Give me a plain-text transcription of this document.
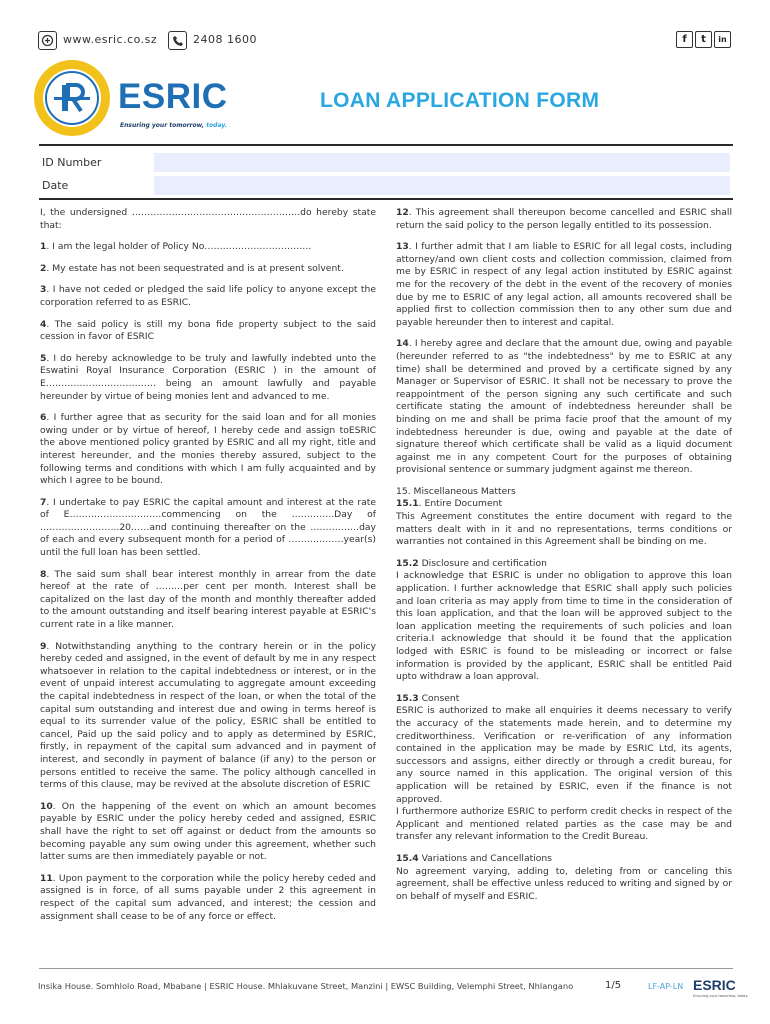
www.esric.co.sz	2408 1600	f	t	in
ESRIC
Ensuring your tomorrow, today.
LOAN APPLICATION FORM
ID Number
Date

I, the undersigned ……………………………………………….do hereby state that:

1. I am the legal holder of Policy No……………………………..

2. My estate has not been sequestrated and is at present solvent.

3. I have not ceded or pledged the said life policy to anyone except the corporation referred to as ESRIC.

4. The said policy is still my bona fide property subject to the said cession in favor of ESRIC

5. I do hereby acknowledge to be truly and lawfully indebted unto the Eswatini Royal Insurance Corporation (ESRIC ) in the amount of E……………………………… being an amount lawfully and payable hereunder by virtue of being monies lent and advanced to me.

6. I further agree that as security for the said loan and for all monies owing under or by virtue of hereof, I hereby cede and assign toESRIC the above mentioned policy granted by ESRIC and all my right, title and interest hereunder, and the monies thereby assured, subject to the following terms and conditions with which I am fully acquainted and by which I agree to be bound.

7. I undertake to pay ESRIC the capital amount and interest at the rate of E…………………………commencing on the …………..Day of ……………………..20……and continuing thereafter on the …………….day of each and every subsequent month for a period of ………………year(s) until the full loan has been settled.

8. The said sum shall bear interest monthly in arrear from the date hereof at the rate of ………per cent per month. Interest shall be capitalized on the last day of the month and monthly thereafter added to the amount outstanding and itself bearing interest payable at ESRIC's current rate in a like manner.

9. Notwithstanding anything to the contrary herein or in the policy hereby ceded and assigned, in the event of default by me in any respect whatsoever in relation to the capital indebtedness or interest, or in the event of unpaid interest accumulating to aggregate amount exceeding the capital indebtedness in respect of the loan, or when the total of the capital sum outstanding and interest due and owing in terms hereof is equal to its surrender value of the policy, ESRIC shall be entitled to cancel, Paid up the said policy and to apply as determined by ESRIC, firstly, in repayment of the capital sum advanced and in payment of interest, and secondly in payment of balance (if any) to the person or persons entitled to receive the same. The policy although cancelled in terms of this clause, may be revived at the absolute discretion of ESRIC

10. On the happening of the event on which an amount becomes payable by ESRIC under the policy hereby ceded and assigned, ESRIC shall have the right to set off against or deduct from the amounts so becoming payable any sum owing under this agreement, whether such latter sums are then immediately payable or not.

11. Upon payment to the corporation while the policy hereby ceded and assigned is in force, of all sums payable under 2 this agreement in respect of the capital sum advanced, and interest; the cession and assignment shall cease to be of any force or effect.

12. This agreement shall thereupon become cancelled and ESRIC shall return the said policy to the person legally entitled to its possession.

13. I further admit that I am liable to ESRIC for all legal costs, including attorney/and own client costs and collection commission, claimed from me by ESRIC in respect of any legal action instituted by ESRIC against me for the recovery of the debt in the event of the recovery of monies due by me to ESRIC of any legal action, all amounts recovered shall be applied first to collection commission then to any other sum due and payable hereunder then to interest and capital.

14. I hereby agree and declare that the amount due, owing and payable (hereunder referred to as "the indebtedness" by me to ESRIC at any time) shall be determined and proved by a certificate signed by any Manager or Supervisor of ESRIC. It shall not be necessary to prove the reappointment of the person signing any such certificate and such certificate stating the amount of indebtedness hereunder shall be binding on me and shall be prima facie proof that the amount of my indebtedness hereunder is due, owing and payable at the date of signature thereof which certificate shall be valid as a liquid document against me in any competent Court for the purposes of obtaining provisional sentence or summary judgment against me thereon.

15. Miscellaneous Matters
15.1. Entire Document
This Agreement constitutes the entire document with regard to the matters dealt with in it and no representations, terms conditions or warranties not contained in this Agreement shall be binding on me.

15.2 Disclosure and certification
I acknowledge that ESRIC is under no obligation to approve this loan application. I further acknowledge that ESRIC shall apply such policies and loan criteria as may apply from time to time in the consideration of this loan application, and that the loan will be approved subject to the loan application meeting the requirements of such policies and loan criteria.I acknowledge that should it be found that the application lodged with ESRIC is found to be misleading or incorrect or false information is provided by the applicant, ESRIC shall be entitled Paid upto withdraw a loan approval.

15.3 Consent
ESRIC is authorized to make all enquiries it deems necessary to verify the accuracy of the statements made herein, and to determine my creditworthiness. Verification or re-verification of any information contained in the application may be made by ESRIC Ltd, its agents, successors and assigns, either directly or through a credit bureau, for any source named in this application. The original version of this application will be retained by ESRIC, even if the finance is not approved.

I furthermore authorize ESRIC to perform credit checks in respect of the Applicant and mentioned related parties as the case may be and transfer any relevant information to the Credit Bureau.

15.4 Variations and Cancellations
No agreement varying, adding to, deleting from or canceling this agreement, shall be effective unless reduced to writing and signed by or on behalf of myself and ESRIC.

Insika House. Somhlolo Road, Mbabane | ESRIC House. Mhlakuvane Street, Manzini | EWSC Building, Velemphi Street, Nhlangano	1/5	LF-AP-LN ESRIC
Ensuring your tomorrow, today.
